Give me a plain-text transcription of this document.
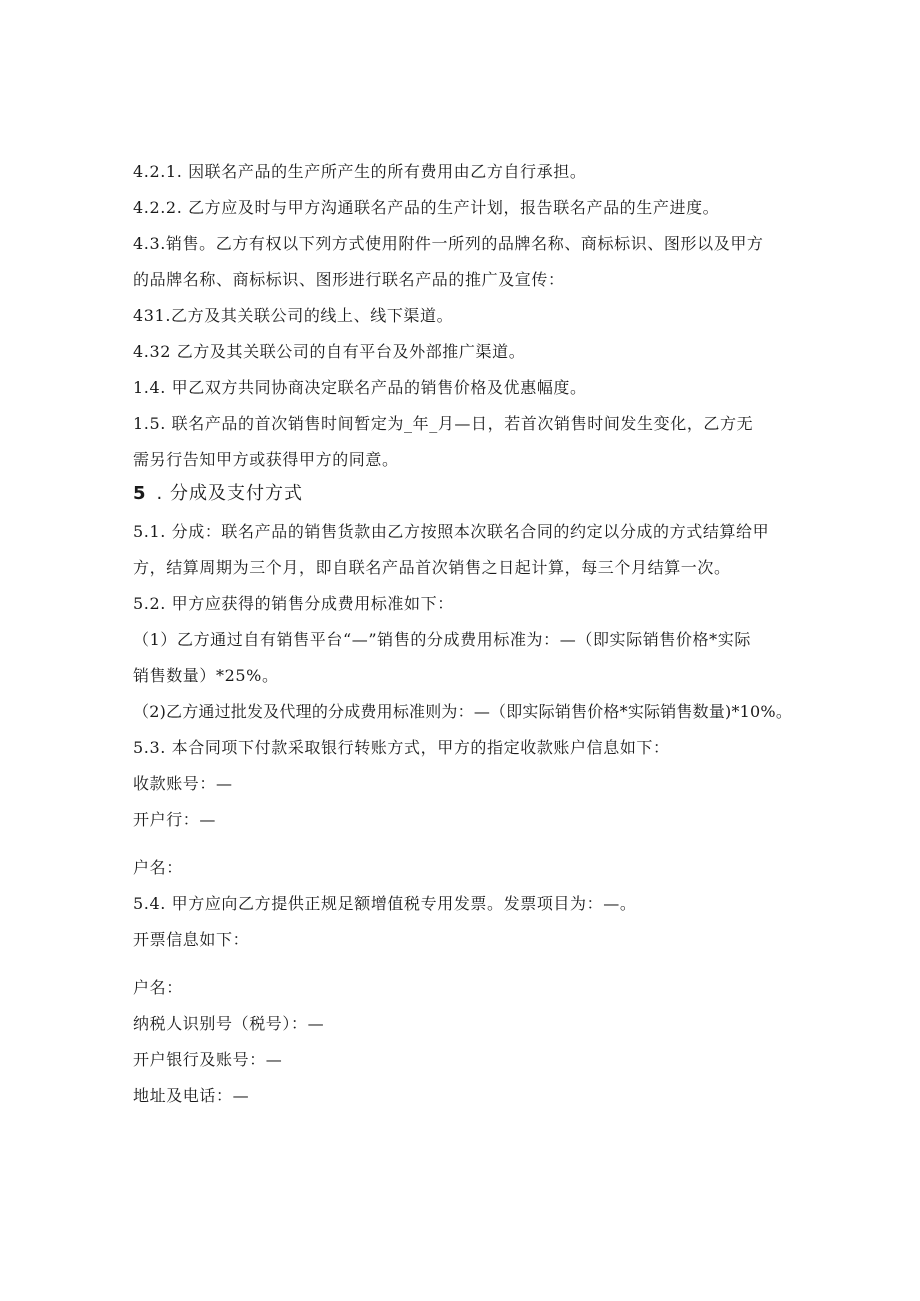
4.2.1. 因联名产品的生产所产生的所有费用由乙方自行承担。
4.2.2. 乙方应及时与甲方沟通联名产品的生产计划，报告联名产品的生产进度。
4.3.销售。乙方有权以下列方式使用附件一所列的品牌名称、商标标识、图形以及甲方
的品牌名称、商标标识、图形进行联名产品的推广及宣传：
431.乙方及其关联公司的线上、线下渠道。
4.32 乙方及其关联公司的自有平台及外部推广渠道。
1.4. 甲乙双方共同协商决定联名产品的销售价格及优惠幅度。
1.5. 联名产品的首次销售时间暂定为_年_月—日，若首次销售时间发生变化，乙方无
需另行告知甲方或获得甲方的同意。
5 . 分成及支付方式
5.1. 分成：联名产品的销售货款由乙方按照本次联名合同的约定以分成的方式结算给甲
方，结算周期为三个月，即自联名产品首次销售之日起计算，每三个月结算一次。
5.2. 甲方应获得的销售分成费用标准如下：
（1）乙方通过自有销售平台“—”销售的分成费用标准为：—（即实际销售价格*实际
销售数量）*25%。
（2)乙方通过批发及代理的分成费用标准则为：—（即实际销售价格*实际销售数量)*10%。
5.3. 本合同项下付款采取银行转账方式，甲方的指定收款账户信息如下：
收款账号：—
开户行：—
户名：
5.4. 甲方应向乙方提供正规足额增值税专用发票。发票项目为：—。
开票信息如下：
户名：
纳税人识别号（税号）：—
开户银行及账号：—
地址及电话：—
